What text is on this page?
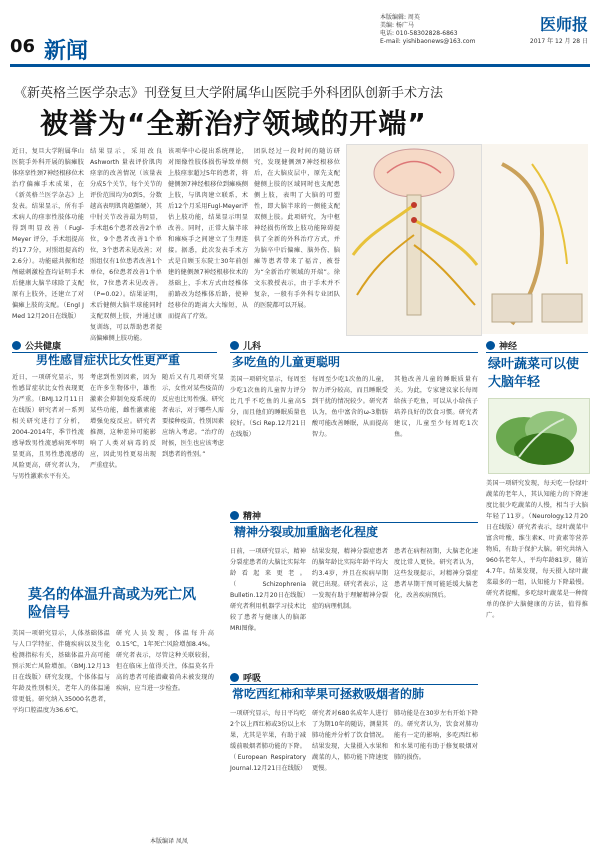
06 新闻
本版编辑: 周英
美编: 杨广马
电话: 010-58302828-6863
E-mail: yishibaonews@163.com
医师报
2017 年 12 月 28 日
《新英格兰医学杂志》刊登复旦大学附属华山医院手外科团队创新手术方法
被誉为“全新治疗领域的开端”
近日，复旦大学附属华山医院手外科开展的脑瘫肢体痉挛性颈7神经根移位术治疗偏瘫手术成果，在《新英格兰医学杂志》上发表。结果显示，所有手术病人的痉挛性肢体功能得到明显改善（Fugl-Meyer 评分，手术组提高约17.7分，对照组提高约2.6分）。功能磁共振和经颅磁刺激检查均证明手术后健康大脑半球除了支配原有上肢外，还建立了对偏瘫上肢的支配。（Engl J Med 12月20日在线版）
结果显示，采用改良 Ashworth 量表评价肌肉痉挛的改善情况（该量表分成5个关节，每个关节的评价范围均为0到5，分数越高表明肌肉越僵硬），其中肘关节改善最为明显，手术组6个患者改善2个单位，9个患者改善1个单位，3个患者未见改善；对照组仅有1位患者改善1个单位，6位患者改善1个单位，7位患者未见改善。（P=0.02）。结果证明，术后健侧大脑半球能同时支配双侧上肢，并通过康复训练，可以帮助患者提高偏瘫侧上肢功能。
该项华中心提出系统理论，对图像性肢体损伤导致单侧上肢痉挛超过5年的患者，将健侧颈7神经根移位到瘫痪侧上肢，与肌肉建立联系，术后12个月采用Fugl-Meyer评估上肢功能，结果显示明显改善。同时，正常大脑半球和瘫痪手之间建立了生理连接。据悉，此次发表手术方式是自顾玉东院士30年前创建的健侧颈7神经根移位术的基础上，手术方式由经椎体前路改为经椎体后路，使神经移位的距离大大缩短，从而提高了疗效。
团队经过一段时间的随访研究，发现健侧颈7神经根移位后，在大脑皮层中，原先支配健侧上肢的区域同时也支配患侧上肢，表明了大脑的可塑性，即大脑半球的一侧能支配双侧上肢。此项研究，为中枢神经损伤所致上肢功能障碍提供了全新的外科治疗方式，并为脑卒中后偏瘫、脑外伤、脑瘫等患者带来了福音，被誉为“全新治疗领域的开端”。徐文东教授表示，由于手术并不复杂，一般有手外科专业团队的医院都可以开展。
公共健康
男性感冒症状比女性更严重
近日，一项研究显示，男性感冒症状比女性表现更为严重。（BMJ.12月11日在线版）研究者对一系列相关研究进行了分析，2004-2014年，季节性流感导致男性流感病死率明显更高，且男性患流感的风险更高，研究者认为，与男性激素水平有关。
考虑到性别因素，因为在许多生物体中，雄性激素会抑制免疫系统的某些功能，雌性激素能增强免疫反应。研究者推测，这种差异可能影响了人类对病毒的反应，因此男性更易出现严重症状。
随后又有几项研究显示，女性对某些疫苗的反应也比男性强。研究者表示，对于哪些人需要接种疫苗，性别因素应纳入考虑。“治疗的时候，医生也应该考虑到患者的性别。”
莫名的体温升高或为死亡风险信号
美国一项研究显示，人体基础体温与人口学特征、伴随疾病以及生化检测指标有关，基础体温升高可能预示死亡风险增加。（BMJ.12月13日在线版）研究发现，个体体温与年龄及性别相关，老年人的体温通常更低。研究纳入35000名患者，平均口腔温度为36.6℃。
研究人员发现，体温每升高0.15℃，1年死亡风险增加8.4%。研究者表示，尽管这种关联较弱，但在临床上值得关注，体温莫名升高的患者可能潜藏着尚未被发现的疾病，应当进一步检查。
本版编译 凤凤
儿科
多吃鱼的儿童更聪明
美国一项研究显示，每周至少吃1次鱼的儿童智力评分比几乎不吃鱼的儿童高5分，而且他们的睡眠质量也较好。（Sci Rep.12月21日在线版）
每周至少吃1次鱼的儿童，智力评分较高，而且睡眠受到干扰的情况较少。研究者认为，鱼中富含的ω-3脂肪酸可能改善睡眠，从而提高智力。
其他改善儿童的睡眠质量有关。为此，专家建议家长每周给孩子吃鱼，可以从小给孩子培养良好的饮食习惯。研究者建议，儿童至少每周吃1次鱼。
精神
精神分裂或加重脑老化程度
日前，一项研究显示，精神分裂症患者的大脑比实际年龄看起来更老。（Schizophrenia Bulletin.12月20日在线版）研究者利用机器学习技术比较了患者与健康人的脑部MRI图像。
结果发现，精神分裂症患者的脑年龄比实际年龄平均大约3.4岁，并且在疾病早期就已出现。研究者表示，这一发现有助于理解精神分裂症的病理机制。
患者在病程初期，大脑老化速度比常人更快。研究者认为，这些发现提示，对精神分裂症患者早期干预可能延缓大脑老化，改善疾病预后。
呼吸
常吃西红柿和苹果可拯救吸烟者的肺
一项研究显示，每日平均吃2个以上西红柿或3份以上水果，尤其是苹果，有助于减缓前吸烟者肺功能的下降。（European Respiratory Journal.12月21日在线版）
研究者对680名成年人进行了为期10年的随访，测量其肺功能并分析了饮食情况。结果发现，大量摄入水果和蔬菜的人，肺功能下降速度更慢。
肺功能是在30岁左右开始下降的。研究者认为，饮食对肺功能有一定的影响，多吃西红柿和水果可能有助于修复吸烟对肺的损伤。
神经
绿叶蔬菜可以使大脑年轻
美国一项研究发现，每天吃一份绿叶蔬菜的老年人，其认知能力的下降速度比很少吃蔬菜的人慢，相当于大脑年轻了11岁。（Neurology.12月20日在线版）研究者表示，绿叶蔬菜中富含叶酸、维生素K、叶黄素等营养物质，有助于保护大脑。研究共纳入960名老年人，平均年龄81岁，随访4.7年。结果发现，每天摄入绿叶蔬菜最多的一组，认知能力下降最慢。研究者提醒，多吃绿叶蔬菜是一种简单的保护大脑健康的方法，值得推广。
